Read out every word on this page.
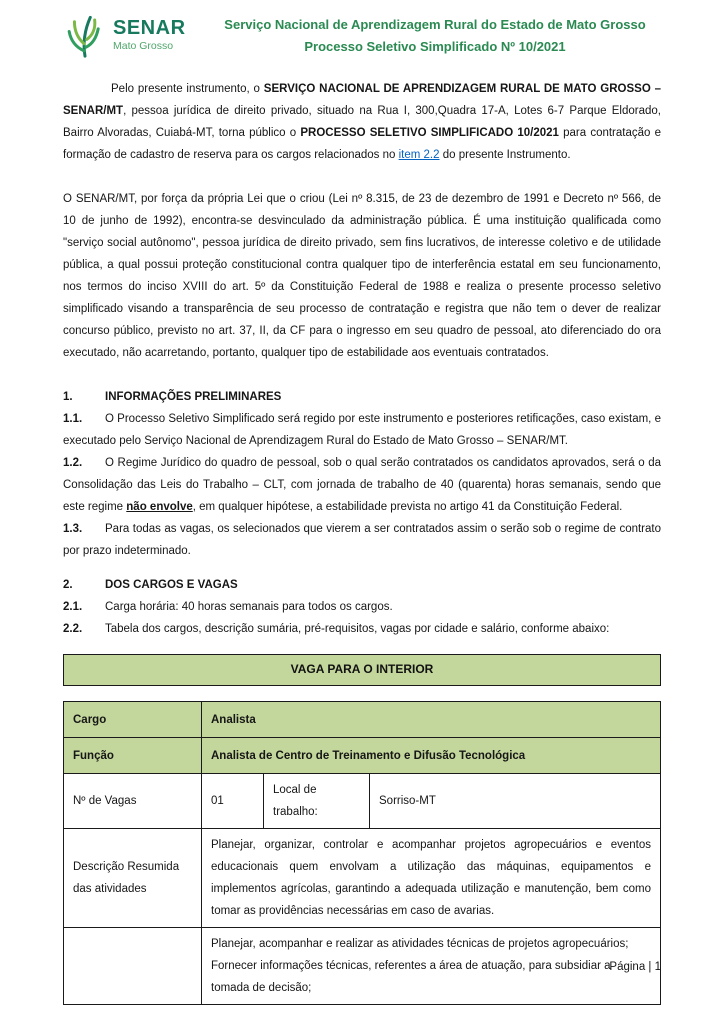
SENAR
Mato Grosso
Serviço Nacional de Aprendizagem Rural do Estado de Mato Grosso
Processo Seletivo Simplificado Nº 10/2021

Pelo presente instrumento, o SERVIÇO NACIONAL DE APRENDIZAGEM RURAL DE MATO GROSSO – SENAR/MT, pessoa jurídica de direito privado, situado na Rua I, 300,Quadra 17-A, Lotes 6-7 Parque Eldorado, Bairro Alvoradas, Cuiabá-MT, torna público o PROCESSO SELETIVO SIMPLIFICADO 10/2021 para contratação e formação de cadastro de reserva para os cargos relacionados no item 2.2 do presente Instrumento.

O SENAR/MT, por força da própria Lei que o criou (Lei nº 8.315, de 23 de dezembro de 1991 e Decreto nº 566, de 10 de junho de 1992), encontra-se desvinculado da administração pública. É uma instituição qualificada como "serviço social autônomo", pessoa jurídica de direito privado, sem fins lucrativos, de interesse coletivo e de utilidade pública, a qual possui proteção constitucional contra qualquer tipo de interferência estatal em seu funcionamento, nos termos do inciso XVIII do art. 5º da Constituição Federal de 1988 e realiza o presente processo seletivo simplificado visando a transparência de seu processo de contratação e registra que não tem o dever de realizar concurso público, previsto no art. 37, II, da CF para o ingresso em seu quadro de pessoal, ato diferenciado do ora executado, não acarretando, portanto, qualquer tipo de estabilidade aos eventuais contratados.

1.	INFORMAÇÕES PRELIMINARES

1.1. O Processo Seletivo Simplificado será regido por este instrumento e posteriores retificações, caso existam, e executado pelo Serviço Nacional de Aprendizagem Rural do Estado de Mato Grosso – SENAR/MT.

1.2. O Regime Jurídico do quadro de pessoal, sob o qual serão contratados os candidatos aprovados, será o da Consolidação das Leis do Trabalho – CLT, com jornada de trabalho de 40 (quarenta) horas semanais, sendo que este regime não envolve, em qualquer hipótese, a estabilidade prevista no artigo 41 da Constituição Federal.

1.3. Para todas as vagas, os selecionados que vierem a ser contratados assim o serão sob o regime de contrato por prazo indeterminado.

2.	DOS CARGOS E VAGAS

2.1. Carga horária: 40 horas semanais para todos os cargos.

2.2. Tabela dos cargos, descrição sumária, pré-requisitos, vagas por cidade e salário, conforme abaixo:

VAGA PARA O INTERIOR
Cargo	Analista		
Função	Analista de Centro de Treinamento e Difusão Tecnológica		
Nº de Vagas	01	Local de trabalho:	Sorriso-MT
Descrição Resumida das atividades	Planejar, organizar, controlar e acompanhar projetos agropecuários e eventos educacionais quem envolvam a utilização das máquinas, equipamentos e implementos agrícolas, garantindo a adequada utilização e manutenção, bem como tomar as providências necessárias em caso de avarias.		

	Planejar, acompanhar e realizar as atividades técnicas de projetos agropecuários;
Fornecer informações técnicas, referentes a área de atuação, para subsidiar a tomada de decisão;		
Página | 1
